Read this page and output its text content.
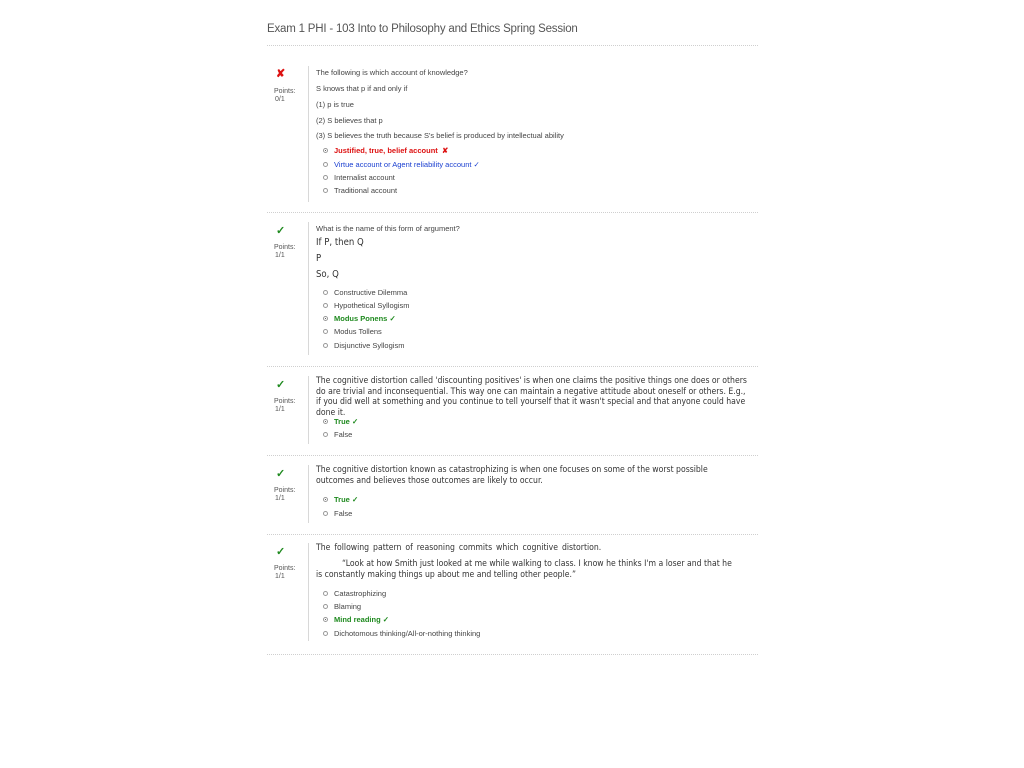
Exam 1 PHI - 103 Into to Philosophy and Ethics Spring Session
✘
Points:
0/1
The following is which account of knowledge?
S knows that p if and only if
(1) p is true
(2) S believes that p
(3) S believes the truth because S's belief is produced by intellectual ability
Justified, true, belief account
✘
Virtue account or Agent reliability account
✓
Internalist account
Traditional account
✓
Points:
1/1
What is the name of this form of argument?
If P, then Q
P
So, Q
Constructive Dilemma
Hypothetical Syllogism
Modus Ponens
✓
Modus Tollens
Disjunctive Syllogism
✓
Points:
1/1
The cognitive distortion called 'discounting positives' is when one claims the positive things one does or others do are trivial and inconsequential. This way one can maintain a negative attitude about oneself or others. E.g., if you did well at something and you continue to tell yourself that it wasn't special and that anyone could have done it.
True
✓
False
✓
Points:
1/1
The cognitive distortion known as catastrophizing is when one focuses on some of the worst possible outcomes and believes those outcomes are likely to occur.
True
✓
False
✓
Points:
1/1
The following pattern of reasoning commits which cognitive distortion.
“Look at how Smith just looked at me while walking to class. I know he thinks I'm a loser and that he is constantly making things up about me and telling other people.”
Catastrophizing
Blaming
Mind reading
✓
Dichotomous thinking/All-or-nothing thinking
